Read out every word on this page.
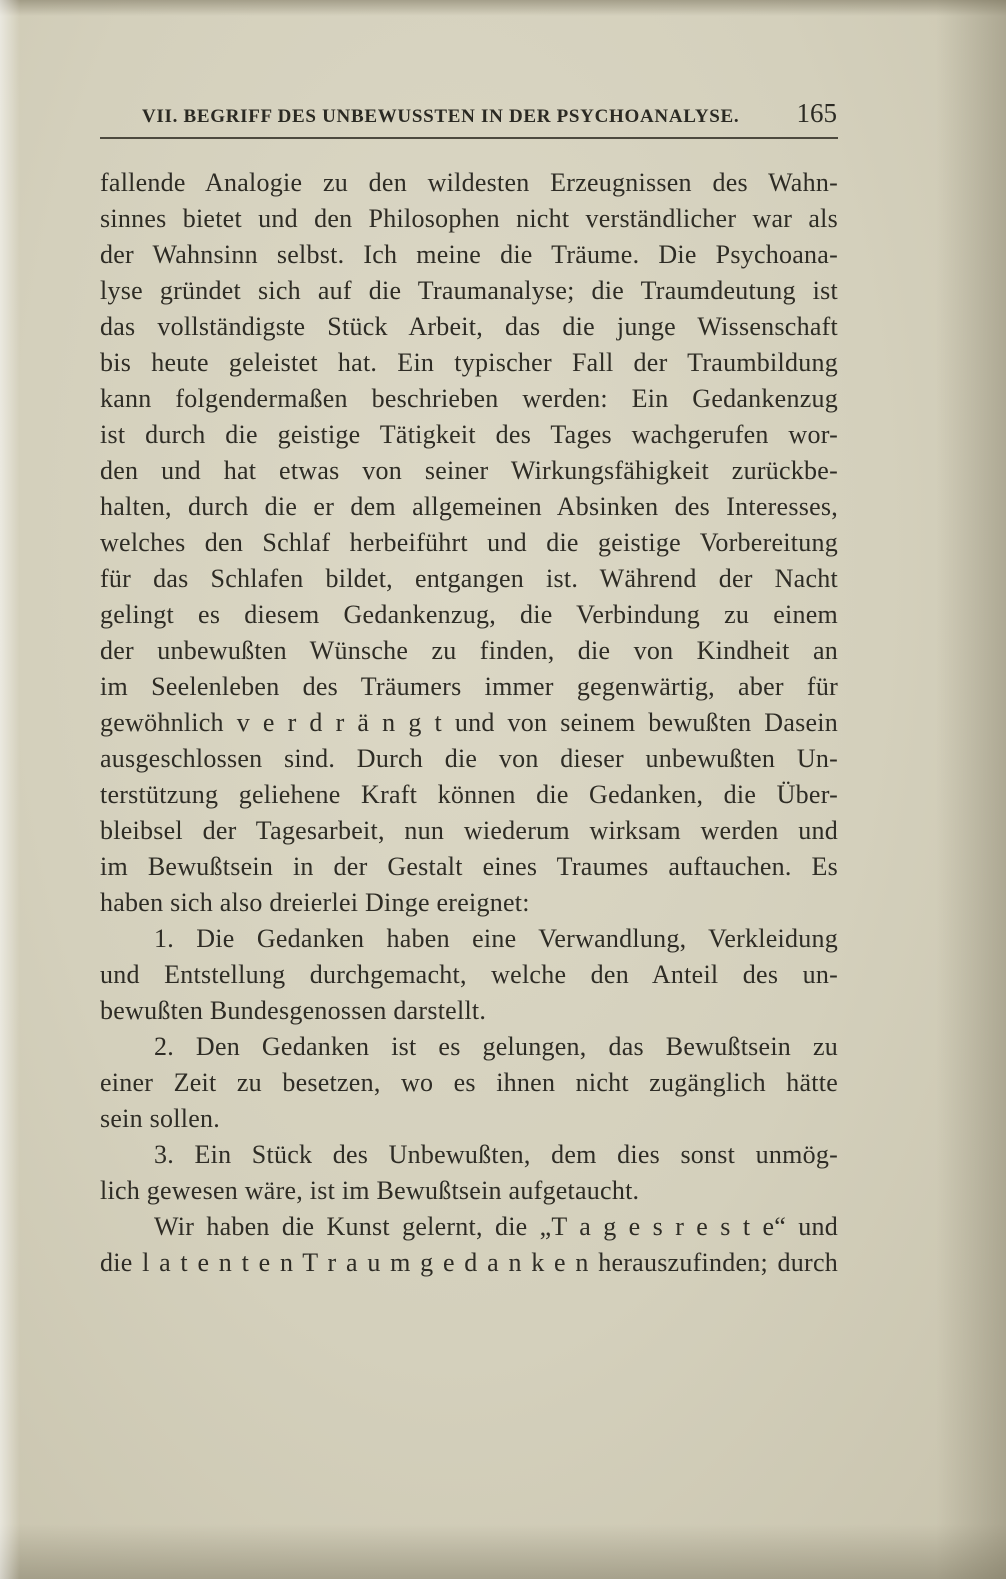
VII. BEGRIFF DES UNBEWUSSTEN IN DER PSYCHOANALYSE. 165
fallende Analogie zu den wildesten Erzeugnissen des Wahn-
sinnes bietet und den Philosophen nicht verständlicher war als
der Wahnsinn selbst. Ich meine die Träume. Die Psychoana-
lyse gründet sich auf die Traumanalyse; die Traumdeutung ist
das vollständigste Stück Arbeit, das die junge Wissenschaft
bis heute geleistet hat. Ein typischer Fall der Traumbildung
kann folgendermaßen beschrieben werden: Ein Gedankenzug
ist durch die geistige Tätigkeit des Tages wachgerufen wor-
den und hat etwas von seiner Wirkungsfähigkeit zurückbe-
halten, durch die er dem allgemeinen Absinken des Interesses,
welches den Schlaf herbeiführt und die geistige Vorbereitung
für das Schlafen bildet, entgangen ist. Während der Nacht
gelingt es diesem Gedankenzug, die Verbindung zu einem
der unbewußten Wünsche zu finden, die von Kindheit an
im Seelenleben des Träumers immer gegenwärtig, aber für
gewöhnlich v e r d r ä n g t und von seinem bewußten Dasein
ausgeschlossen sind. Durch die von dieser unbewußten Un-
terstützung geliehene Kraft können die Gedanken, die Über-
bleibsel der Tagesarbeit, nun wiederum wirksam werden und
im Bewußtsein in der Gestalt eines Traumes auftauchen. Es
haben sich also dreierlei Dinge ereignet:
1. Die Gedanken haben eine Verwandlung, Verkleidung
und Entstellung durchgemacht, welche den Anteil des un-
bewußten Bundesgenossen darstellt.
2. Den Gedanken ist es gelungen, das Bewußtsein zu
einer Zeit zu besetzen, wo es ihnen nicht zugänglich hätte
sein sollen.
3. Ein Stück des Unbewußten, dem dies sonst unmög-
lich gewesen wäre, ist im Bewußtsein aufgetaucht.
Wir haben die Kunst gelernt, die „T a g e s r e s t e“ und
die l a t e n t e n T r a u m g e d a n k e n herauszufinden; durch
